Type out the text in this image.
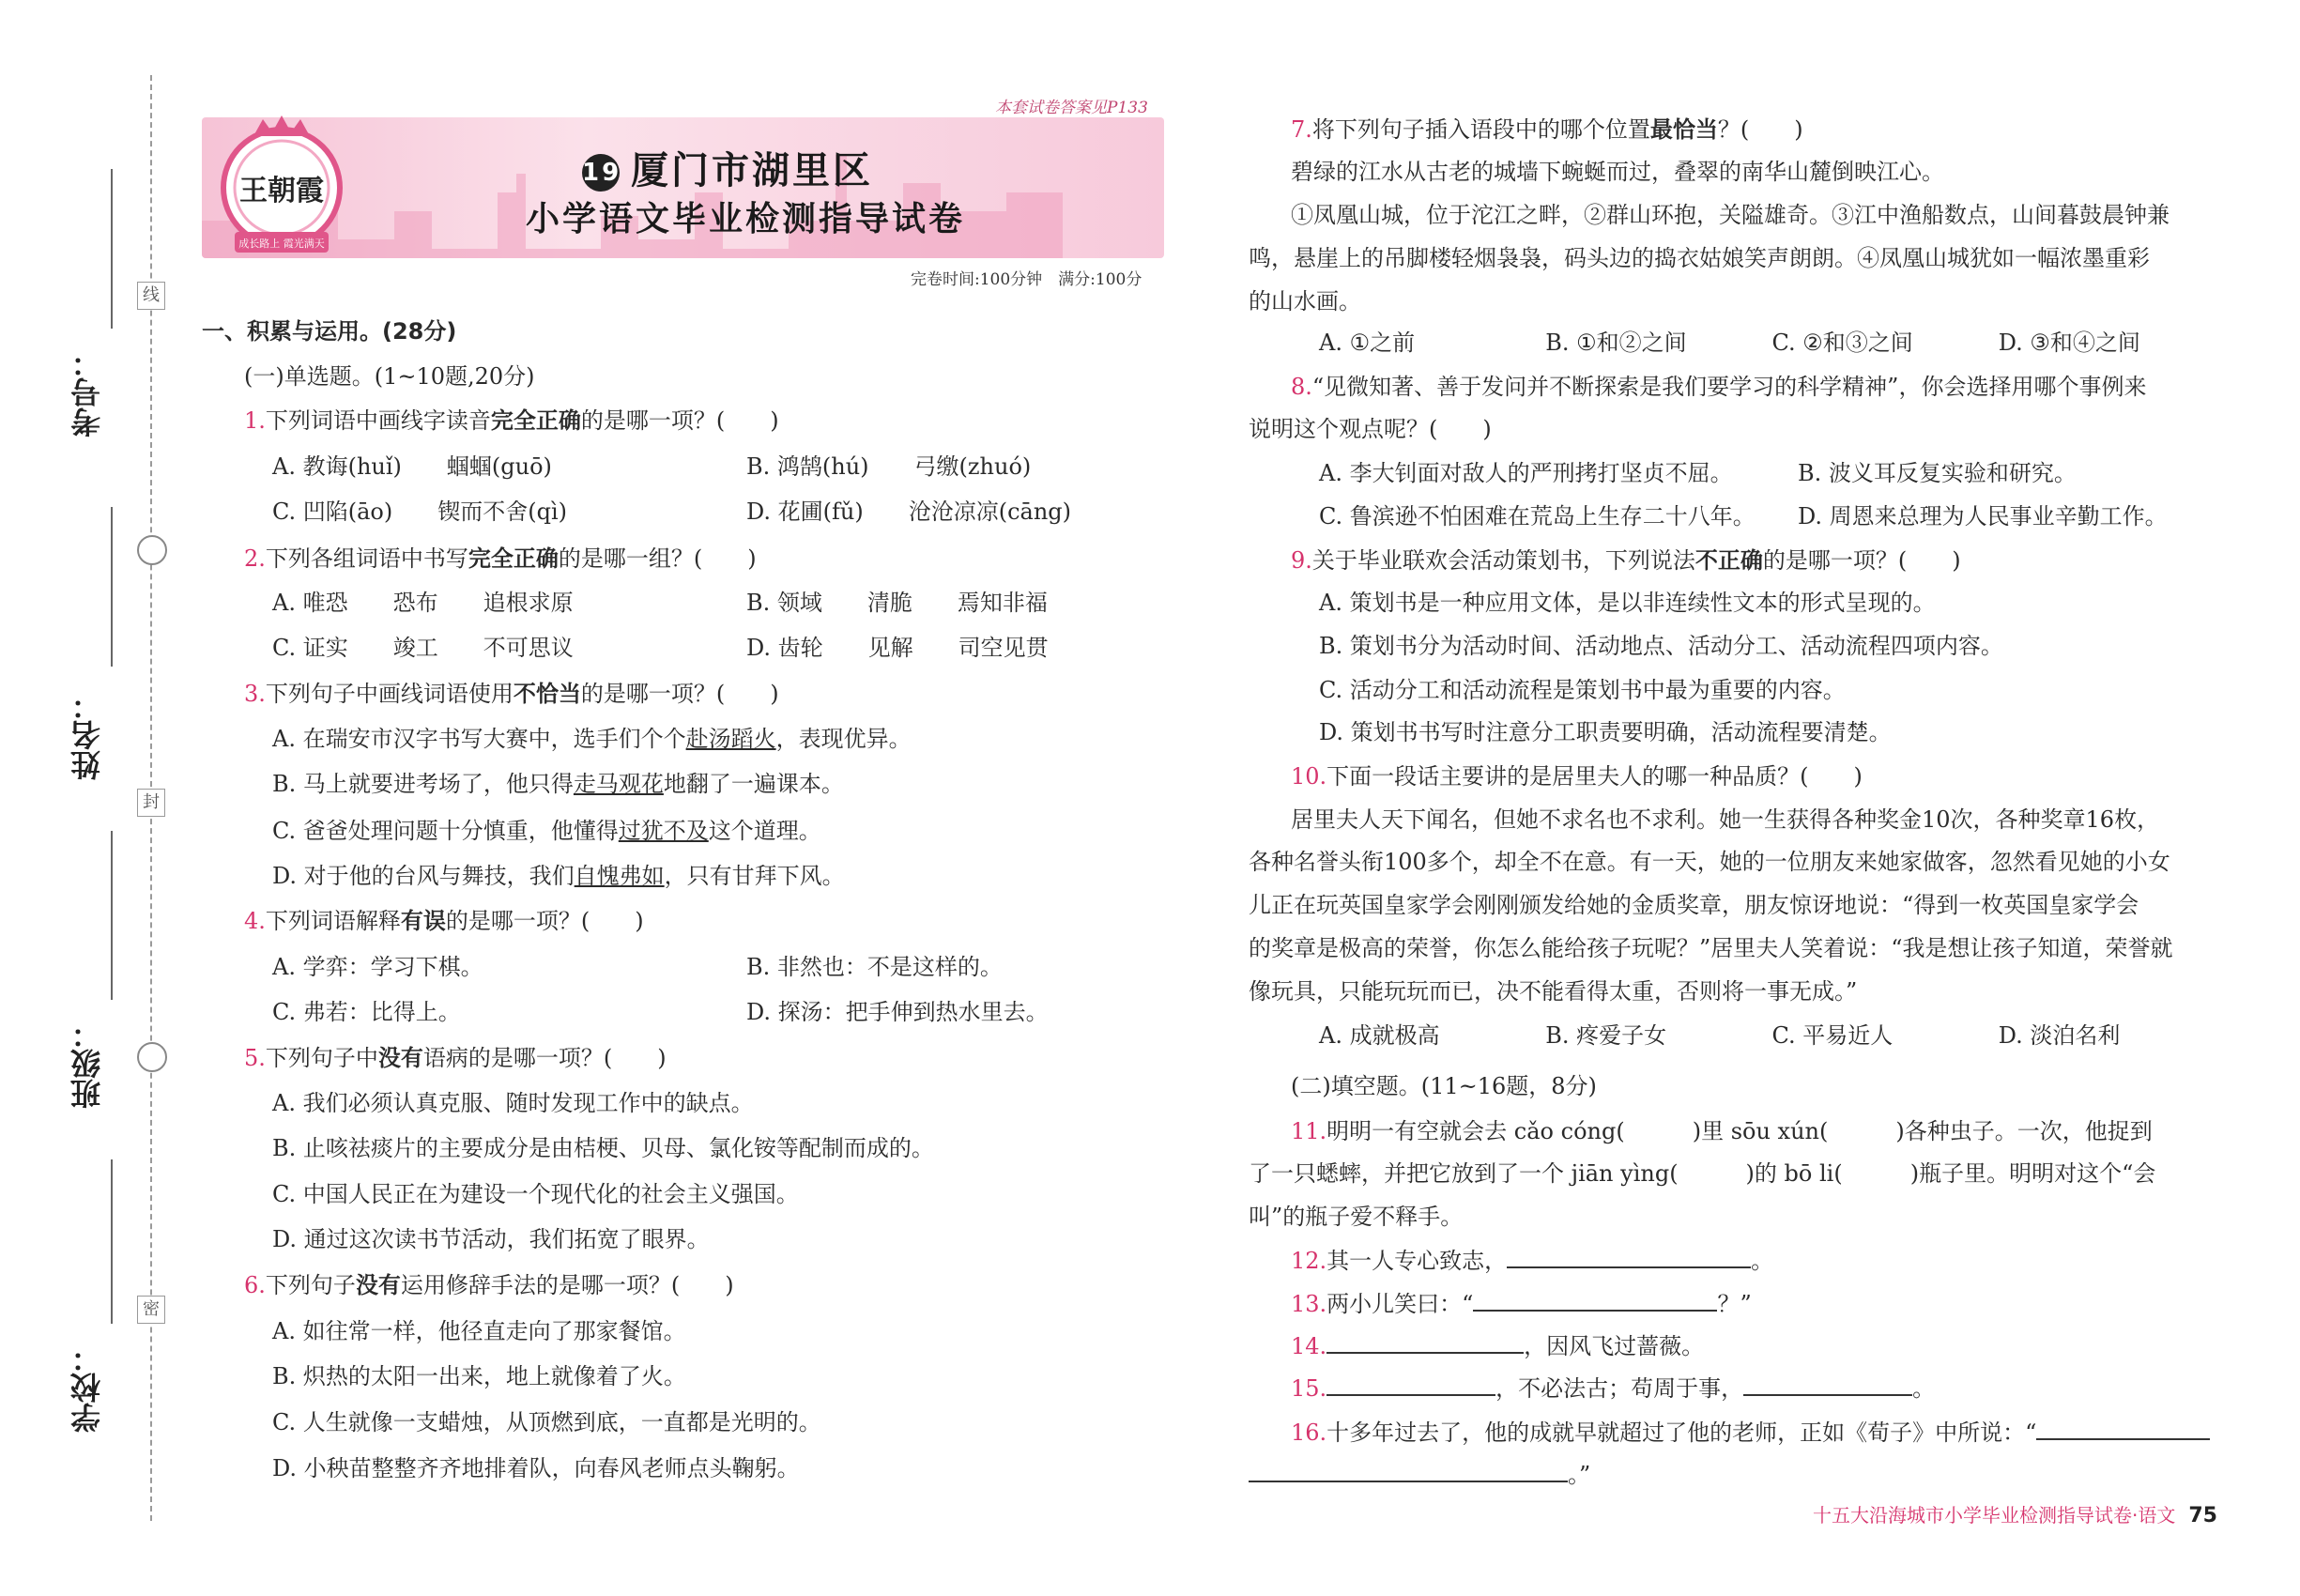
考号：
姓名：
班级：
学校：
线
封
密
本套试卷答案见P133
王朝霞
成长路上 霞光满天
19 厦门市湖里区
小学语文毕业检测指导试卷
完卷时间:100分钟　满分:100分
一、积累与运用。(28分)
(一)单选题。(1~10题,20分)
1.下列词语中画线字读音完全正确的是哪一项？(　　)
A. 教诲(huǐ)　　蝈蝈(guō)	B. 鸿鹄(hú)　　弓缴(zhuó)
C. 凹陷(āo)　　锲而不舍(qì)	D. 花圃(fǔ)　　沧沧凉凉(cāng)
2.下列各组词语中书写完全正确的是哪一组？(　　)
A. 唯恐　　恐布　　追根求原	B. 领域　　清脆　　焉知非福
C. 证实　　竣工　　不可思议	D. 齿轮　　见解　　司空见贯
3.下列句子中画线词语使用不恰当的是哪一项？(　　)
A. 在瑞安市汉字书写大赛中，选手们个个赴汤蹈火，表现优异。
B. 马上就要进考场了，他只得走马观花地翻了一遍课本。
C. 爸爸处理问题十分慎重，他懂得过犹不及这个道理。
D. 对于他的台风与舞技，我们自愧弗如，只有甘拜下风。
4.下列词语解释有误的是哪一项？(　　)
A. 学弈：学习下棋。	B. 非然也：不是这样的。
C. 弗若：比得上。	D. 探汤：把手伸到热水里去。
5.下列句子中没有语病的是哪一项？(　　)
A. 我们必须认真克服、随时发现工作中的缺点。
B. 止咳祛痰片的主要成分是由桔梗、贝母、氯化铵等配制而成的。
C. 中国人民正在为建设一个现代化的社会主义强国。
D. 通过这次读书节活动，我们拓宽了眼界。
6.下列句子没有运用修辞手法的是哪一项？(　　)
A. 如往常一样，他径直走向了那家餐馆。
B. 炽热的太阳一出来，地上就像着了火。
C. 人生就像一支蜡烛，从顶燃到底，一直都是光明的。
D. 小秧苗整整齐齐地排着队，向春风老师点头鞠躬。
7.将下列句子插入语段中的哪个位置最恰当？(　　)
碧绿的江水从古老的城墙下蜿蜒而过，叠翠的南华山麓倒映江心。
①凤凰山城，位于沱江之畔，②群山环抱，关隘雄奇。③江中渔船数点，山间暮鼓晨钟兼
鸣，悬崖上的吊脚楼轻烟袅袅，码头边的捣衣姑娘笑声朗朗。④凤凰山城犹如一幅浓墨重彩
的山水画。
A. ①之前	B. ①和②之间	C. ②和③之间	D. ③和④之间
8.“见微知著、善于发问并不断探索是我们要学习的科学精神”，你会选择用哪个事例来
说明这个观点呢？(　　)
A. 李大钊面对敌人的严刑拷打坚贞不屈。	B. 波义耳反复实验和研究。
C. 鲁滨逊不怕困难在荒岛上生存二十八年。 D. 周恩来总理为人民事业辛勤工作。
9.关于毕业联欢会活动策划书，下列说法不正确的是哪一项？(　　)
A. 策划书是一种应用文体，是以非连续性文本的形式呈现的。
B. 策划书分为活动时间、活动地点、活动分工、活动流程四项内容。
C. 活动分工和活动流程是策划书中最为重要的内容。
D. 策划书书写时注意分工职责要明确，活动流程要清楚。
10.下面一段话主要讲的是居里夫人的哪一种品质？(　　)
居里夫人天下闻名，但她不求名也不求利。她一生获得各种奖金10次，各种奖章16枚，
各种名誉头衔100多个，却全不在意。有一天，她的一位朋友来她家做客，忽然看见她的小女
儿正在玩英国皇家学会刚刚颁发给她的金质奖章，朋友惊讶地说：“得到一枚英国皇家学会
的奖章是极高的荣誉，你怎么能给孩子玩呢？”居里夫人笑着说：“我是想让孩子知道，荣誉就
像玩具，只能玩玩而已，决不能看得太重，否则将一事无成。”
A. 成就极高	B. 疼爱子女	C. 平易近人	D. 淡泊名利
(二)填空题。(11~16题，8分)
11.明明一有空就会去 cǎo cóng(　　　)里 sōu xún(　　　)各种虫子。一次，他捉到
了一只蟋蟀，并把它放到了一个 jiān yìng(　　　)的 bō li(　　　)瓶子里。明明对这个“会
叫”的瓶子爱不释手。
12.其一人专心致志，	。
13.两小儿笑曰：“	？”
14.	，因风飞过蔷薇。
15.	，不必法古；苟周于事，	。
16.十多年过去了，他的成就早就超过了他的老师，正如《荀子》中所说：“
。”
十五大沿海城市小学毕业检测指导试卷·语文 75
